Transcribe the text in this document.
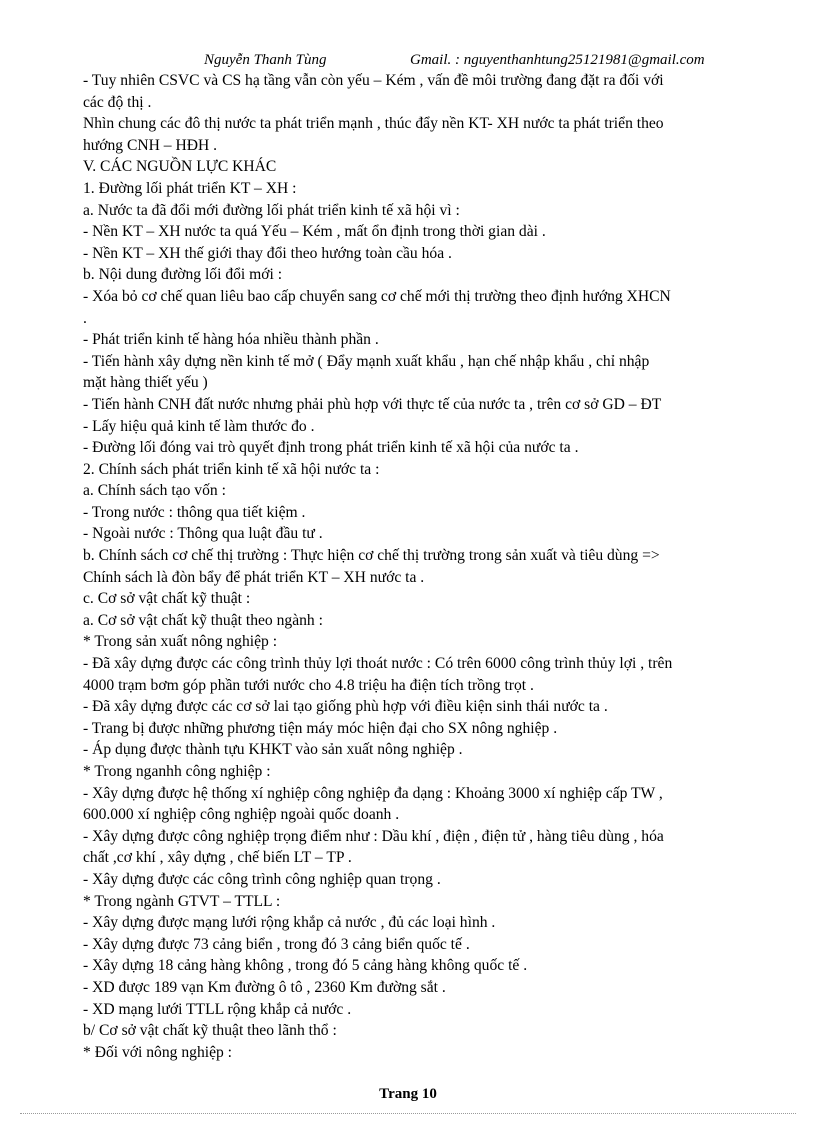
Nguyễn Thanh Tùng	Gmail. : nguyenthanhtung25121981@gmail.com

- Tuy nhiên CSVC và CS hạ tầng vẫn còn yếu – Kém , vấn đề môi trường đang đặt ra đối với

các độ thị .

Nhìn chung các đô thị nước ta phát triển mạnh , thúc đẩy nền KT- XH nước ta phát triển theo

hướng CNH – HĐH .

V. CÁC NGUỒN LỰC KHÁC

1. Đường lối phát triển KT – XH :

a. Nước ta đã đổi mới đường lối phát triển kinh tế xã hội vì :

- Nền KT – XH nước ta quá Yếu – Kém , mất ổn định trong thời gian dài .

- Nền KT – XH thế giới thay đổi theo hướng toàn cầu hóa .

b. Nội dung đường lối đổi mới :

- Xóa bỏ cơ chế quan liêu bao cấp chuyển sang cơ chế mới thị trường theo định hướng XHCN

.

- Phát triển kinh tế hàng hóa nhiều thành phần .

- Tiến hành xây dựng nền kinh tế mở ( Đẩy mạnh xuất khẩu , hạn chế nhập khẩu , chỉ nhập

mặt hàng thiết yếu )

- Tiến hành CNH đất nước nhưng phải phù hợp với thực tế của nước ta , trên cơ sở GD – ĐT

- Lấy hiệu quả kinh tế làm thước đo .

- Đường lối đóng vai trò quyết định trong phát triển kinh tế xã hội của nước ta .

2. Chính sách phát triển kinh tế xã hội nước ta :

a. Chính sách tạo vốn :

- Trong nước : thông qua tiết kiệm .

- Ngoài nước : Thông qua luật đầu tư .

b. Chính sách cơ chế thị trường : Thực hiện cơ chế thị trường trong sản xuất và tiêu dùng =>

Chính sách là đòn bẩy để phát triển KT – XH nước ta .

c. Cơ sở vật chất kỹ thuật :

a. Cơ sở vật chất kỹ thuật theo ngành :

* Trong sản xuất nông nghiệp :

- Đã xây dựng được các công trình thủy lợi thoát nước : Có trên 6000 công trình thủy lợi , trên

4000 trạm bơm góp phần tưới nước cho 4.8 triệu ha điện tích trồng trọt .

- Đã xây dựng được các cơ sở lai tạo giống phù hợp với điều kiện sinh thái nước ta .

- Trang bị được những phương tiện máy móc hiện đại cho SX nông nghiệp .

- Áp dụng được thành tựu KHKT vào sản xuất nông nghiệp .

* Trong nganhh công nghiệp :

- Xây dựng được hệ thống xí nghiệp công nghiệp đa dạng : Khoảng 3000 xí nghiệp cấp TW ,

600.000 xí nghiệp công nghiệp ngoài quốc doanh .

- Xây dựng được công nghiệp trọng điểm như : Dầu khí , điện , điện tử , hàng tiêu dùng , hóa

chất ,cơ khí , xây dựng , chế biến LT – TP .

- Xây dựng được các công trình công nghiệp quan trọng .

* Trong ngành GTVT – TTLL :

- Xây dựng được mạng lưới rộng khắp cả nước , đủ các loại hình .

- Xây dựng được 73 cảng biển , trong đó 3 cảng biển quốc tế .

- Xây dựng 18 cảng hàng không , trong đó 5 cảng hàng không quốc tế .

- XD được 189 vạn Km đường ô tô , 2360 Km đường sắt .

- XD mạng lưới TTLL rộng khắp cả nước .

b/ Cơ sở vật chất kỹ thuật theo lãnh thổ :

* Đối với nông nghiệp :

Trang 10
